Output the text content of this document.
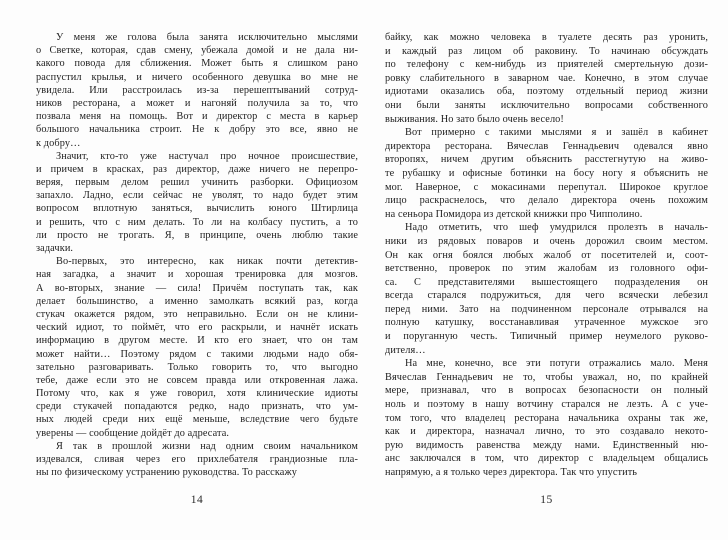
У меня же голова была занята исключительно мыслями
о Светке, которая, сдав смену, убежала домой и не дала ни-
какого повода для сближения. Может быть я слишком рано
распустил крылья, и ничего особенного девушка во мне не
увидела. Или расстроилась из-за перешептываний сотруд-
ников ресторана, а может и нагоняй получила за то, что
позвала меня на помощь. Вот и директор с места в карьер
большого начальника строит. Не к добру это все, явно не
к добру…
Значит, кто-то уже настучал про ночное происшествие,
и причем в красках, раз директор, даже ничего не перепро-
веряя, первым делом решил учинить разборки. Официозом
запахло. Ладно, если сейчас не уволят, то надо будет этим
вопросом вплотную заняться, вычислить юного Штирлица
и решить, что с ним делать. То ли на колбасу пустить, а то
ли просто не трогать. Я, в принципе, очень люблю такие
задачки.
Во-первых, это интересно, как никак почти детектив-
ная загадка, а значит и хорошая тренировка для мозгов.
А во-вторых, знание — сила! Причём поступать так, как
делает большинство, а именно замолкать всякий раз, когда
стукач окажется рядом, это неправильно. Если он не клини-
ческий идиот, то поймёт, что его раскрыли, и начнёт искать
информацию в другом месте. И кто его знает, что он там
может найти… Поэтому рядом с такими людьми надо обя-
зательно разговаривать. Только говорить то, что выгодно
тебе, даже если это не совсем правда или откровенная лажа.
Потому что, как я уже говорил, хотя клинические идиоты
среди стукачей попадаются редко, надо признать, что ум-
ных людей среди них ещё меньше, вследствие чего будьте
уверены — сообщение дойдёт до адресата.
Я так в прошлой жизни над одним своим начальником
издевался, сливая через его прихлебателя грандиозные пла-
ны по физическому устранению руководства. То расскажу
байку, как можно человека в туалете десять раз уронить,
и каждый раз лицом об раковину. То начинаю обсуждать
по телефону с кем-нибудь из приятелей смертельную дози-
ровку слабительного в заварном чае. Конечно, в этом случае
идиотами оказались оба, поэтому отдельный период жизни
они были заняты исключительно вопросами собственного
выживания. Но зато было очень весело!
Вот примерно с такими мыслями я и зашёл в кабинет
директора ресторана. Вячеслав Геннадьевич одевался явно
второпях, ничем другим объяснить расстегнутую на живо-
те рубашку и офисные ботинки на босу ногу я объяснить не
мог. Наверное, с мокасинами перепутал. Широкое круглое
лицо раскраснелось, что делало директора очень похожим
на сеньора Помидора из детской книжки про Чипполино.
Надо отметить, что шеф умудрился пролезть в началь-
ники из рядовых поваров и очень дорожил своим местом.
Он как огня боялся любых жалоб от посетителей и, соот-
ветственно, проверок по этим жалобам из головного офи-
са. С представителями вышестоящего подразделения он
всегда старался подружиться, для чего всячески лебезил
перед ними. Зато на подчиненном персонале отрывался на
полную катушку, восстанавливая утраченное мужское эго
и поруганную честь. Типичный пример неумелого руково-
дителя…
На мне, конечно, все эти потуги отражались мало. Меня
Вячеслав Геннадьевич не то, чтобы уважал, но, по крайней
мере, признавал, что в вопросах безопасности он полный
ноль и поэтому в нашу вотчину старался не лезть. А с уче-
том того, что владелец ресторана начальника охраны так же,
как и директора, назначал лично, то это создавало некото-
рую видимость равенства между нами. Единственный ню-
анс заключался в том, что директор с владельцем общались
напрямую, а я только через директора. Так что упустить
14	15
